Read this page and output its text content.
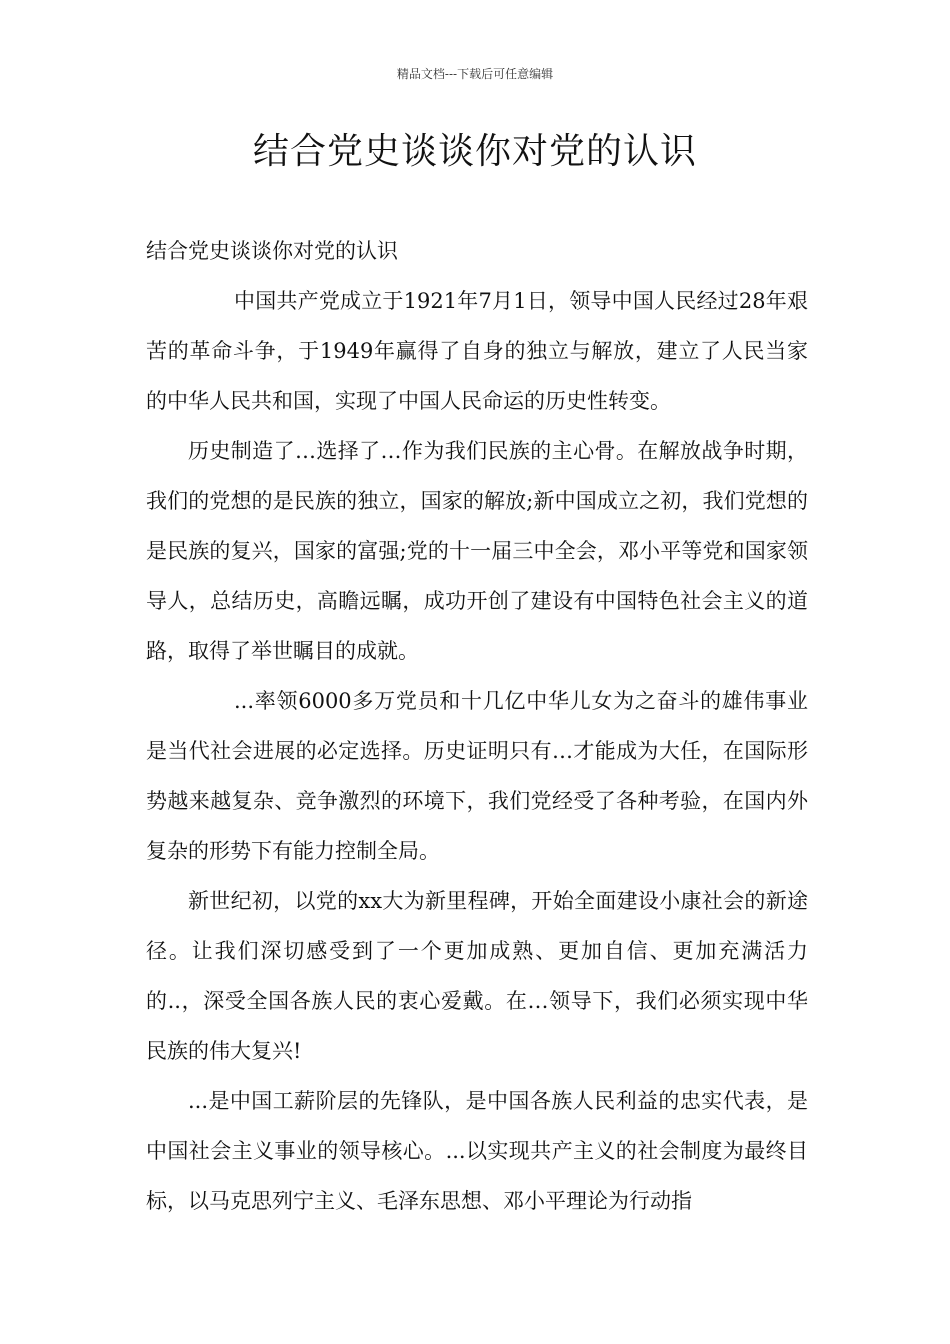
精品文档---下载后可任意编辑
结合党史谈谈你对党的认识

结合党史谈谈你对党的认识

中国共产党成立于1921年7月1日，领导中国人民经过28年艰苦的革命斗争，于1949年赢得了自身的独立与解放，建立了人民当家的中华人民共和国，实现了中国人民命运的历史性转变。

历史制造了…选择了…作为我们民族的主心骨。在解放战争时期，我们的党想的是民族的独立，国家的解放;新中国成立之初，我们党想的是民族的复兴，国家的富强;党的十一届三中全会，邓小平等党和国家领导人，总结历史，高瞻远瞩，成功开创了建设有中国特色社会主义的道路，取得了举世瞩目的成就。

...率领6000多万党员和十几亿中华儿女为之奋斗的雄伟事业是当代社会进展的必定选择。历史证明只有…才能成为大任，在国际形势越来越复杂、竞争激烈的环境下，我们党经受了各种考验，在国内外复杂的形势下有能力控制全局。

新世纪初，以党的xx大为新里程碑，开始全面建设小康社会的新途径。让我们深切感受到了一个更加成熟、更加自信、更加充满活力的..，深受全国各族人民的衷心爱戴。在…领导下，我们必须实现中华民族的伟大复兴!

...是中国工薪阶层的先锋队，是中国各族人民利益的忠实代表，是中国社会主义事业的领导核心。...以实现共产主义的社会制度为最终目标，以马克思列宁主义、毛泽东思想、邓小平理论为行动指
